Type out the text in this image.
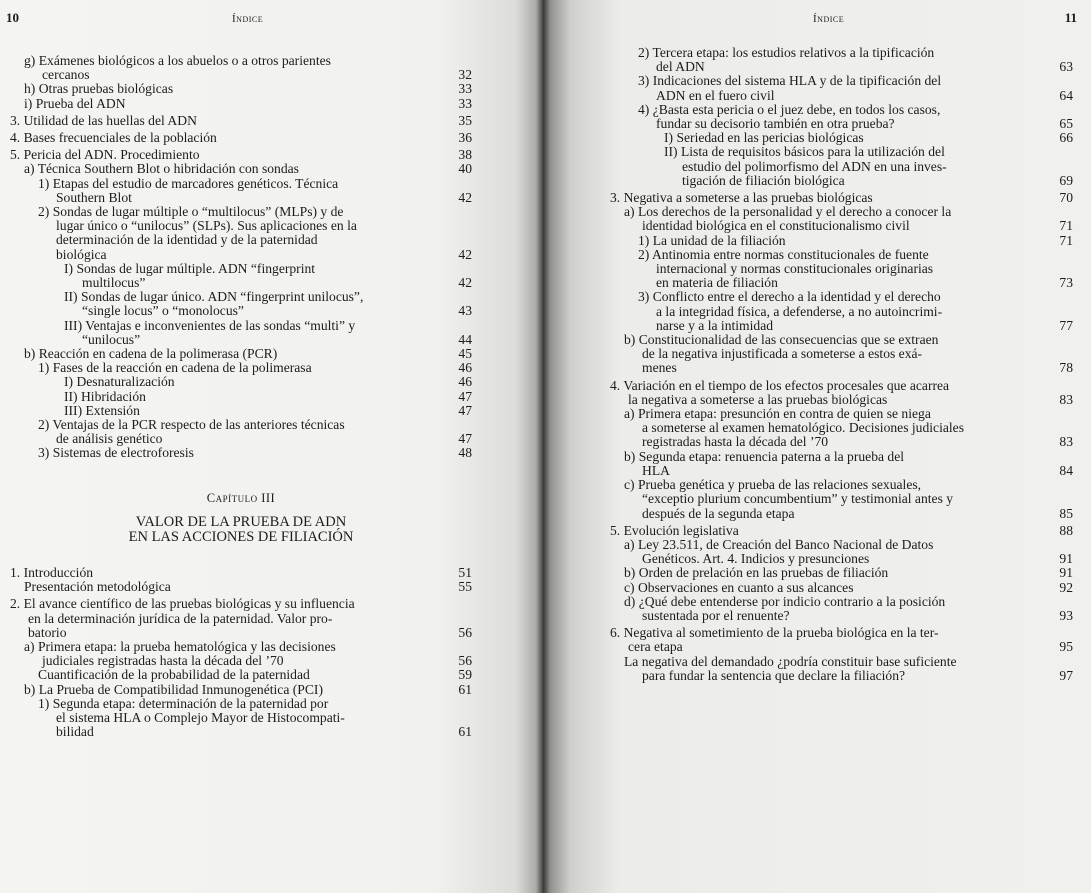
10	Índice
g) Exámenes biológicos a los abuelos o a otros parientes
cercanos	32
h) Otras pruebas biológicas	33
i) Prueba del ADN	33
3. Utilidad de las huellas del ADN	35
4. Bases frecuenciales de la población	36
5. Pericia del ADN. Procedimiento	38
a) Técnica Southern Blot o hibridación con sondas	40
1) Etapas del estudio de marcadores genéticos. Técnica
Southern Blot	42
2) Sondas de lugar múltiple o “multilocus” (MLPs) y de
lugar único o “unilocus” (SLPs). Sus aplicaciones en la
determinación de la identidad y de la paternidad
biológica	42
I) Sondas de lugar múltiple. ADN “fingerprint
multilocus”	42
II) Sondas de lugar único. ADN “fingerprint unilocus”,
“single locus” o “monolocus”	43
III) Ventajas e inconvenientes de las sondas “multi” y
“unilocus”	44
b) Reacción en cadena de la polimerasa (PCR)	45
1) Fases de la reacción en cadena de la polimerasa	46
I) Desnaturalización	46
II) Hibridación	47
III) Extensión	47
2) Ventajas de la PCR respecto de las anteriores técnicas
de análisis genético	47
3) Sistemas de electroforesis	48
Capítulo III
VALOR DE LA PRUEBA DE ADN
EN LAS ACCIONES DE FILIACIÓN
1. Introducción	51
Presentación metodológica	55
2. El avance científico de las pruebas biológicas y su influencia
en la determinación jurídica de la paternidad. Valor pro-
batorio	56
a) Primera etapa: la prueba hematológica y las decisiones
judiciales registradas hasta la década del ’70	56
Cuantificación de la probabilidad de la paternidad	59
b) La Prueba de Compatibilidad Inmunogenética (PCI)	61
1) Segunda etapa: determinación de la paternidad por
el sistema HLA o Complejo Mayor de Histocompati-
bilidad	61
11
Índice
2) Tercera etapa: los estudios relativos a la tipificación
del ADN	63
3) Indicaciones del sistema HLA y de la tipificación del
ADN en el fuero civil	64
4) ¿Basta esta pericia o el juez debe, en todos los casos,
fundar su decisorio también en otra prueba?	65
I) Seriedad en las pericias biológicas	66
II) Lista de requisitos básicos para la utilización del
estudio del polimorfismo del ADN en una inves-
tigación de filiación biológica	69
3. Negativa a someterse a las pruebas biológicas	70
a) Los derechos de la personalidad y el derecho a conocer la
identidad biológica en el constitucionalismo civil	71
1) La unidad de la filiación	71
2) Antinomia entre normas constitucionales de fuente
internacional y normas constitucionales originarias
en materia de filiación	73
3) Conflicto entre el derecho a la identidad y el derecho
a la integridad física, a defenderse, a no autoincrimi-
narse y a la intimidad	77
b) Constitucionalidad de las consecuencias que se extraen
de la negativa injustificada a someterse a estos exá-
menes	78
4. Variación en el tiempo de los efectos procesales que acarrea
la negativa a someterse a las pruebas biológicas	83
a) Primera etapa: presunción en contra de quien se niega
a someterse al examen hematológico. Decisiones judiciales
registradas hasta la década del ’70	83
b) Segunda etapa: renuencia paterna a la prueba del
HLA	84
c) Prueba genética y prueba de las relaciones sexuales,
“exceptio plurium concumbentium” y testimonial antes y
después de la segunda etapa	85
5. Evolución legislativa	88
a) Ley 23.511, de Creación del Banco Nacional de Datos
Genéticos. Art. 4. Indicios y presunciones	91
b) Orden de prelación en las pruebas de filiación	91
c) Observaciones en cuanto a sus alcances	92
d) ¿Qué debe entenderse por indicio contrario a la posición
sustentada por el renuente?	93
6. Negativa al sometimiento de la prueba biológica en la ter-
cera etapa	95
La negativa del demandado ¿podría constituir base suficiente
para fundar la sentencia que declare la filiación?	97
